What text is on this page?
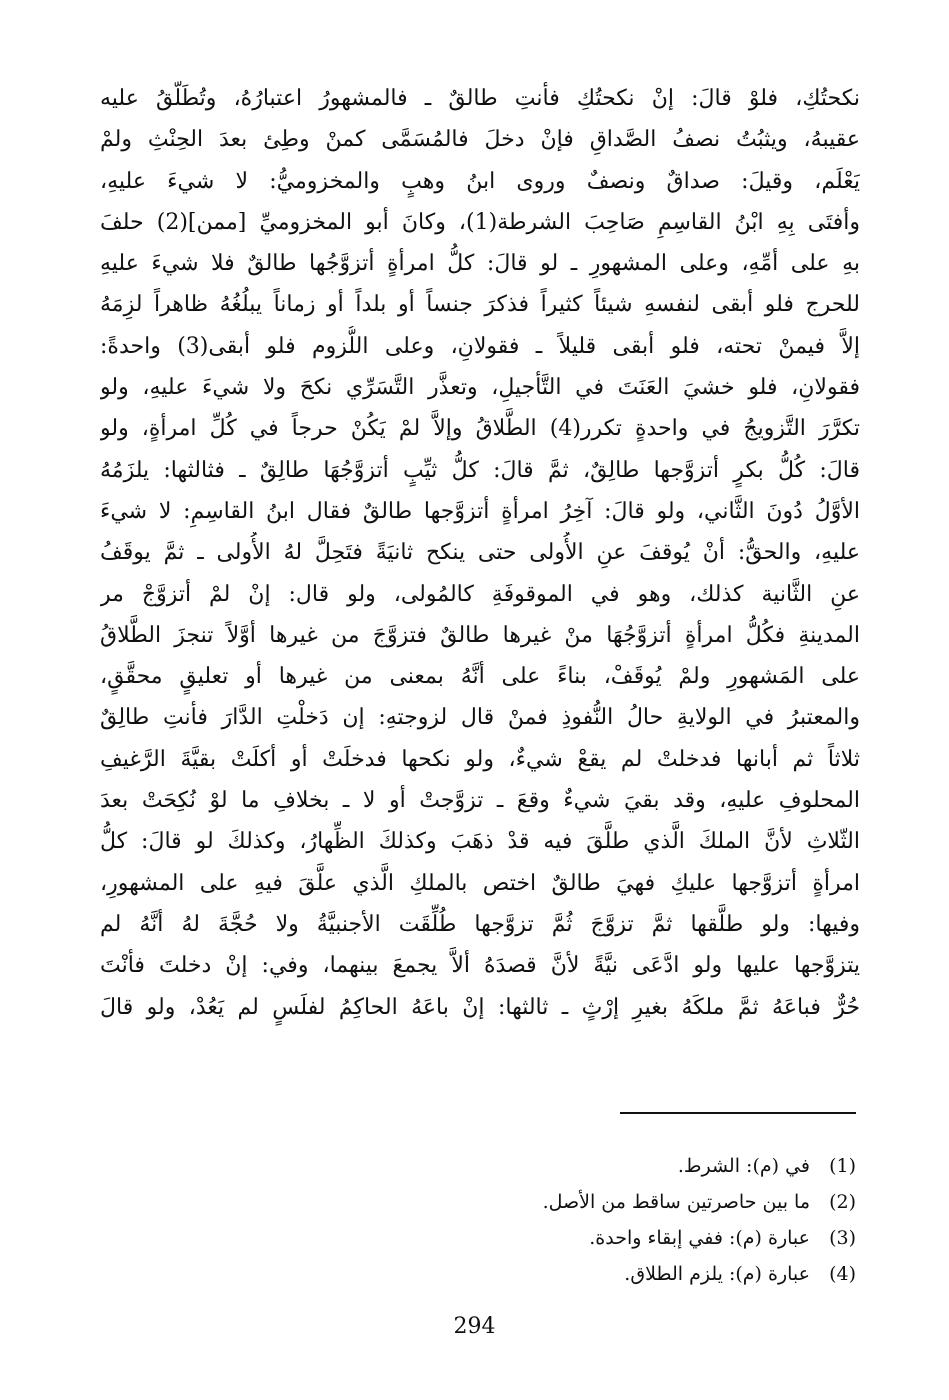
نكحتُكِ، فلوْ قالَ: إنْ نكحتُكِ فأنتِ طالقٌ ـ فالمشهورُ اعتبارُهُ، وتُطَلّقُ عليه
عقيبهُ، ويثبُتُ نصفُ الصَّداقِ فإنْ دخلَ فالمُسَمَّى كمنْ وطِئ بعدَ الحِنْثِ ولمْ
يَعْلَم، وقيلَ: صداقٌ ونصفٌ وروى ابنُ وهبٍ والمخزوميُّ: لا شيءَ عليهِ،
وأفتَى بِهِ ابْنُ القاسِمِ صَاحِبَ الشرطة(1)، وكانَ أبو المخزوميِّ [ممن](2) حلفَ
بهِ على أمِّهِ، وعلى المشهورِ ـ لو قالَ: كلُّ امرأةٍ أتزوَّجُها طالقٌ فلا شيءَ عليهِ
للحرج فلو أبقى لنفسهِ شيئاً كثيراً فذكرَ جنساً أو بلداً أو زماناً يبلُغُهُ ظاهراً لزِمَهُ
إلاَّ فيمنْ تحته، فلو أبقى قليلاً ـ فقولانِ، وعلى اللُّزوم فلو أبقى(3) واحدةً:
فقولانِ، فلو خشيَ العَنَتَ في التَّأجيلِ، وتعذَّر التَّسَرِّي نكحَ ولا شيءَ عليهِ، ولو
تكرَّرَ التَّزويجُ في واحدةٍ تكرر(4) الطَّلاقُ وإلاَّ لمْ يَكُنْ حرجاً في كُلِّ امرأةٍ، ولو
قالَ: كُلُّ بكرٍ أتزوَّجها طالِقٌ، ثمَّ قالَ: كلُّ ثيِّبٍ أتزوَّجُهَا طالِقٌ ـ فثالثها: يلزَمُهُ
الأوَّلُ دُونَ الثَّاني، ولو قالَ: آخِرُ امرأةٍ أتزوَّجها طالقٌ فقال ابنُ القاسِمِ: لا شيءَ
عليهِ، والحقُّ: أنْ يُوقفَ عنِ الأُولى حتى ينكح ثانيَةً فتَحِلَّ لهُ الأُولى ـ ثمَّ يوقَفُ
عنِ الثَّانية كذلك، وهو في الموقوفَةِ كالمُولى، ولو قال: إنْ لمْ أتزوَّجْ مر
المدينةِ فكُلُّ امرأةٍ أتزوَّجُهَا منْ غيرها طالقٌ فتزوَّجَ من غيرها أوَّلاً تنجزَ الطَّلاقُ
على المَشهورِ ولمْ يُوقَفْ، بناءً على أنَّهُ بمعنى من غيرها أو تعليقٍ محقَّقٍ،
والمعتبرُ في الولايةِ حالُ النُّفوذِ فمنْ قال لزوجتهِ: إن دَخلْتِ الدَّارَ فأنتِ طالِقٌ
ثلاثاً ثم أبانها فدخلتْ لم يقعْ شيءٌ، ولو نكحها فدخلَتْ أو أكلَتْ بقيَّةَ الرَّغيفِ
المحلوفِ عليهِ، وقد بقيَ شيءٌ وقعَ ـ تزوَّجتْ أو لا ـ بخلافِ ما لوْ نُكِحَتْ بعدَ
الثّلاثِ لأنَّ الملكَ الَّذي طلَّقَ فيه قدْ ذهَبَ وكذلكَ الظِّهارُ، وكذلكَ لو قالَ: كلُّ
امرأةٍ أتزوَّجها عليكِ فهيَ طالقٌ اختص بالملكِ الَّذي علَّقَ فيهِ على المشهورِ،
وفيها: ولو طلَّقها ثمَّ تزوَّجَ ثُمَّ تزوَّجها طُلِّقَت الأجنبيَّةُ ولا حُجَّةَ لهُ أنَّهُ لم
يتزوَّجها عليها ولو ادَّعَى نيَّةً لأنَّ قصدَهُ ألاَّ يجمعَ بينهما، وفي: إنْ دخلتَ فأنْتَ
حُرٌّ فباعَهُ ثمَّ ملكَهُ بغيرِ إرْثٍ ـ ثالثها: إنْ باعَهُ الحاكِمُ لفلَسٍ لم يَعُدْ، ولو قالَ
(1)في (م): الشرط.
(2)ما بين حاصرتين ساقط من الأصل.
(3)عبارة (م): ففي إبقاء واحدة.
(4)عبارة (م): يلزم الطلاق.
294
